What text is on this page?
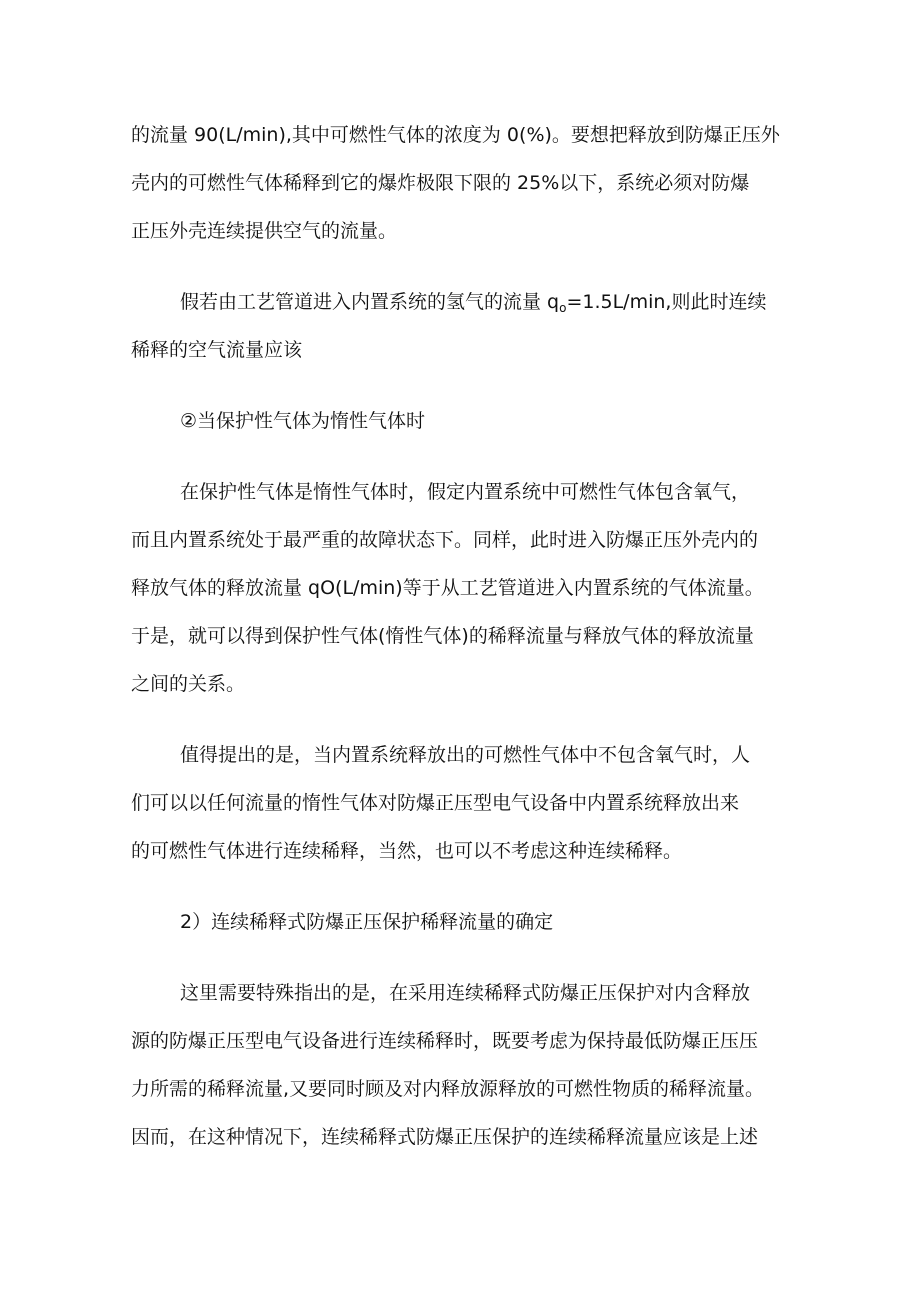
的流量 90(L∕min),其中可燃性气体的浓度为 0(%)。要想把释放到防爆正压外
壳内的可燃性气体稀释到它的爆炸极限下限的 25%以下，系统必须对防爆
正压外壳连续提供空气的流量。
假若由工艺管道进入内置系统的氢气的流量 $q_o=1.5L∕\min$,则此时连续
稀释的空气流量应该
②当保护性气体为惰性气体时
在保护性气体是惰性气体时，假定内置系统中可燃性气体包含氧气，
而且内置系统处于最严重的故障状态下。同样，此时进入防爆正压外壳内的
释放气体的释放流量 qO(L∕min)等于从工艺管道进入内置系统的气体流量。
于是，就可以得到保护性气体(惰性气体)的稀释流量与释放气体的释放流量
之间的关系。
值得提出的是，当内置系统释放出的可燃性气体中不包含氧气时，人
们可以以任何流量的惰性气体对防爆正压型电气设备中内置系统释放出来
的可燃性气体进行连续稀释，当然，也可以不考虑这种连续稀释。
2）连续稀释式防爆正压保护稀释流量的确定
这里需要特殊指出的是，在采用连续稀释式防爆正压保护对内含释放
源的防爆正压型电气设备进行连续稀释时，既要考虑为保持最低防爆正压压
力所需的稀释流量,又要同时顾及对内释放源释放的可燃性物质的稀释流量。
因而，在这种情况下，连续稀释式防爆正压保护的连续稀释流量应该是上述
